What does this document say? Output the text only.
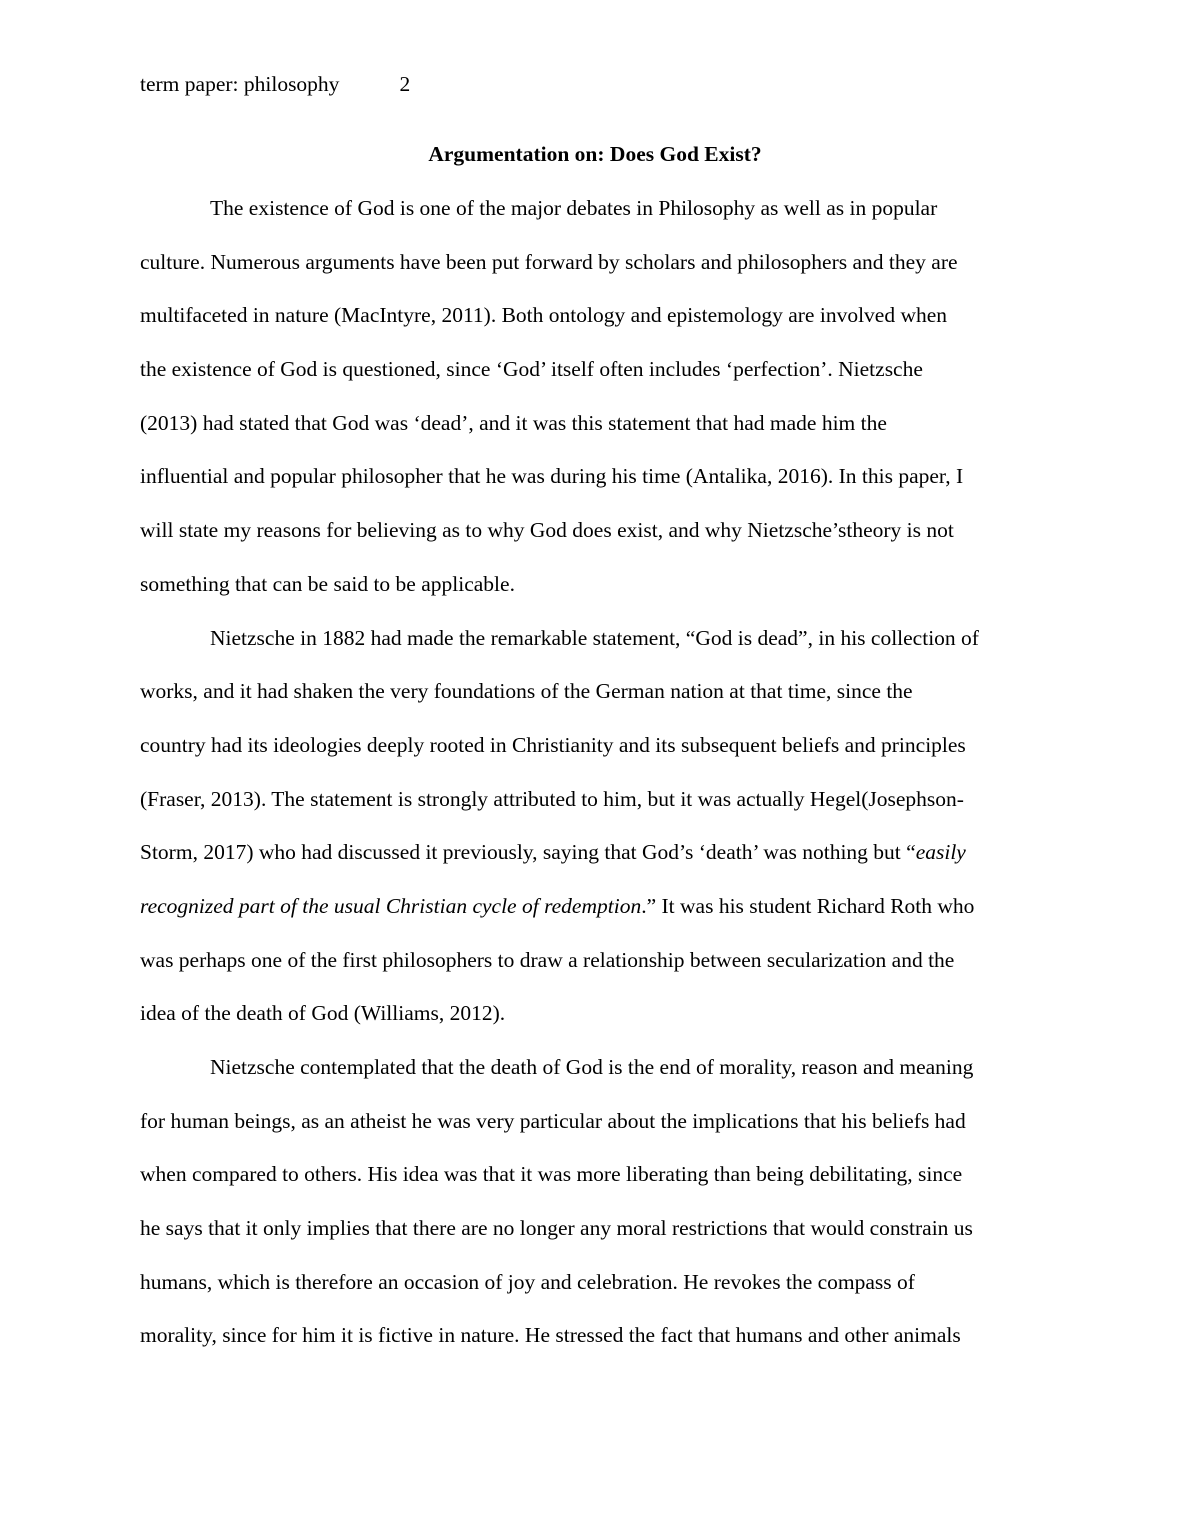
term paper: philosophy	2
Argumentation on: Does God Exist?
The existence of God is one of the major debates in Philosophy as well as in popular
culture. Numerous arguments have been put forward by scholars and philosophers and they are
multifaceted in nature (MacIntyre, 2011). Both ontology and epistemology are involved when
the existence of God is questioned, since ‘God’ itself often includes ‘perfection’. Nietzsche
(2013) had stated that God was ‘dead’, and it was this statement that had made him the
influential and popular philosopher that he was during his time (Antalika, 2016). In this paper, I
will state my reasons for believing as to why God does exist, and why Nietzsche’stheory is not
something that can be said to be applicable.
Nietzsche in 1882 had made the remarkable statement, “God is dead”, in his collection of
works, and it had shaken the very foundations of the German nation at that time, since the
country had its ideologies deeply rooted in Christianity and its subsequent beliefs and principles
(Fraser, 2013). The statement is strongly attributed to him, but it was actually Hegel(Josephson-
Storm, 2017) who had discussed it previously, saying that God’s ‘death’ was nothing but “easily
recognized part of the usual Christian cycle of redemption.” It was his student Richard Roth who
was perhaps one of the first philosophers to draw a relationship between secularization and the
idea of the death of God (Williams, 2012).
Nietzsche contemplated that the death of God is the end of morality, reason and meaning
for human beings, as an atheist he was very particular about the implications that his beliefs had
when compared to others. His idea was that it was more liberating than being debilitating, since
he says that it only implies that there are no longer any moral restrictions that would constrain us
humans, which is therefore an occasion of joy and celebration. He revokes the compass of
morality, since for him it is fictive in nature. He stressed the fact that humans and other animals
